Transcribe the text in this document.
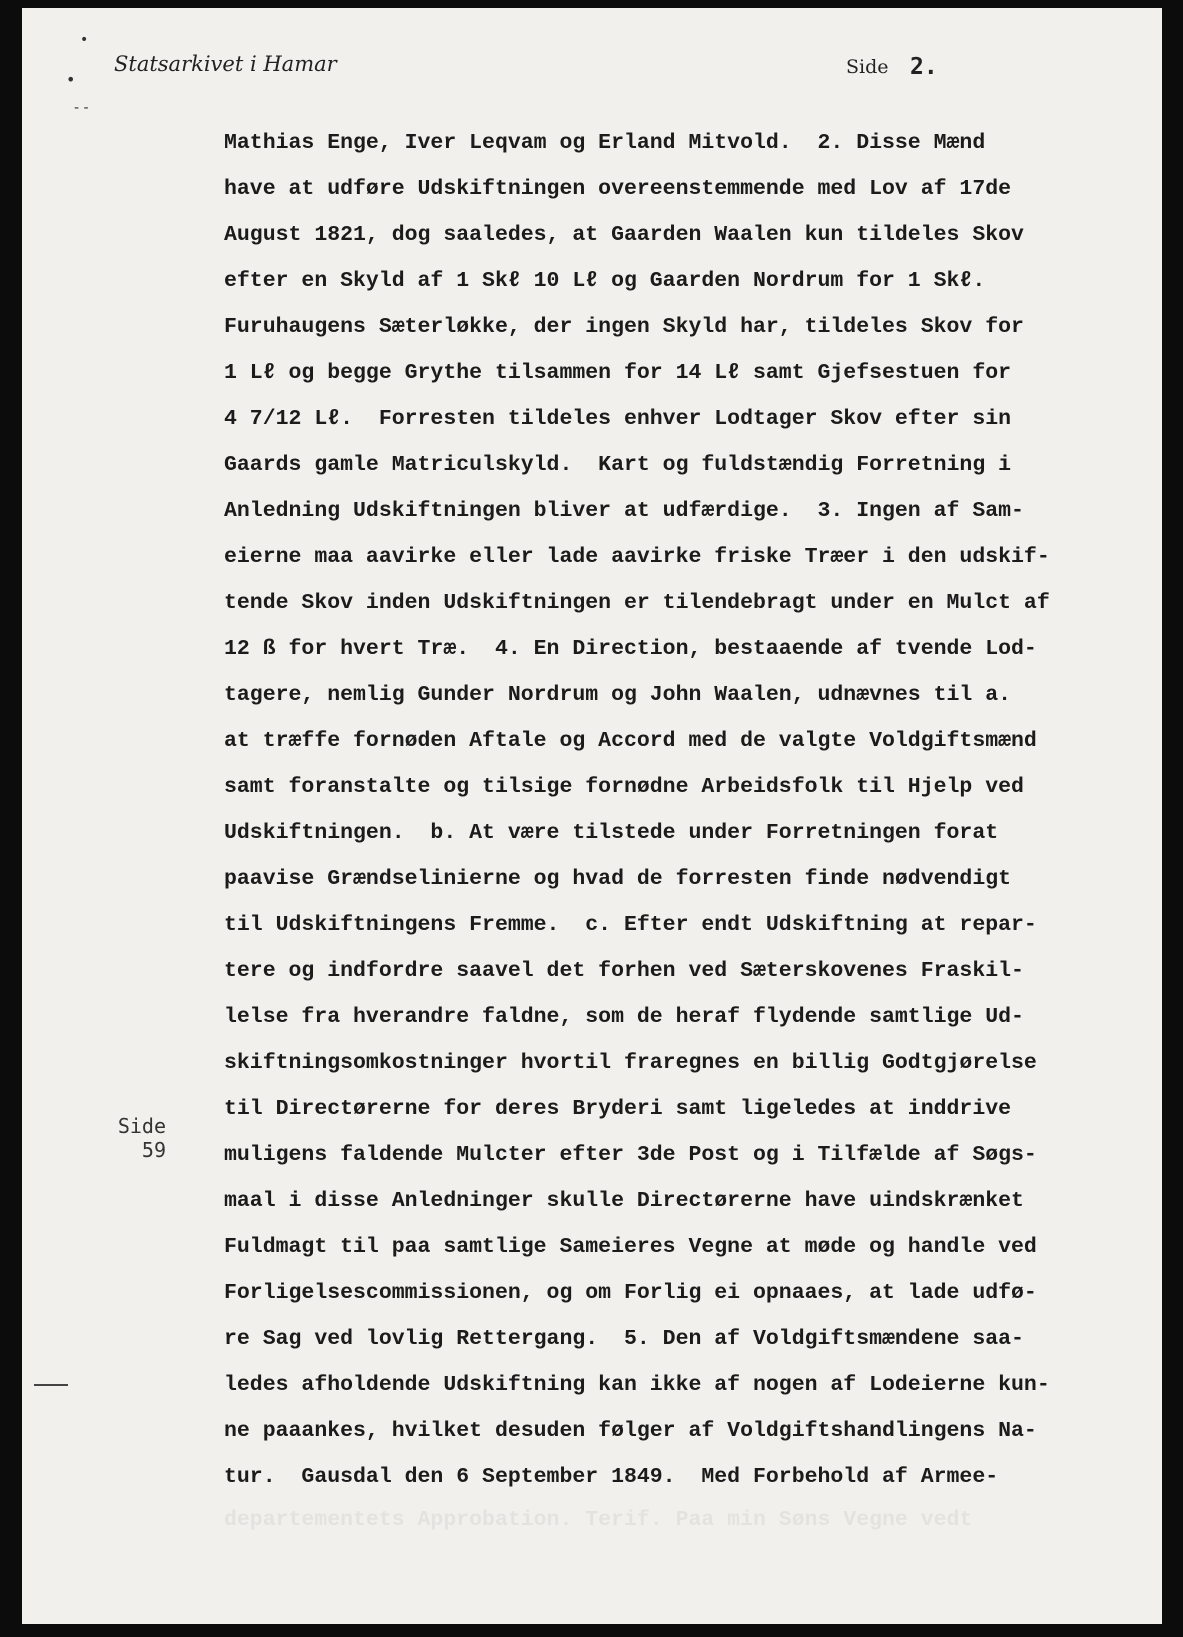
•
•
- -
Statsarkivet i Hamar	Side 2.
Mathias Enge, Iver Leqvam og Erland Mitvold.  2. Disse Mænd
have at udføre Udskiftningen overeenstemmende med Lov af 17de
August 1821, dog saaledes, at Gaarden Waalen kun tildeles Skov
efter en Skyld af 1 Skℓ 10 Lℓ og Gaarden Nordrum for 1 Skℓ.
Furuhaugens Sæterløkke, der ingen Skyld har, tildeles Skov for
1 Lℓ og begge Grythe tilsammen for 14 Lℓ samt Gjefsestuen for
4 7/12 Lℓ.  Forresten tildeles enhver Lodtager Skov efter sin
Gaards gamle Matriculskyld.  Kart og fuldstændig Forretning i
Anledning Udskiftningen bliver at udfærdige.  3. Ingen af Sam-
eierne maa aavirke eller lade aavirke friske Træer i den udskif-
tende Skov inden Udskiftningen er tilendebragt under en Mulct af
12 ß for hvert Træ.  4. En Direction, bestaaende af tvende Lod-
tagere, nemlig Gunder Nordrum og John Waalen, udnævnes til a.
at træffe fornøden Aftale og Accord med de valgte Voldgiftsmænd
samt foranstalte og tilsige fornødne Arbeidsfolk til Hjelp ved
Udskiftningen.  b. At være tilstede under Forretningen forat
paavise Grændselinierne og hvad de forresten finde nødvendigt
til Udskiftningens Fremme.  c. Efter endt Udskiftning at repar-
tere og indfordre saavel det forhen ved Sæterskovenes Fraskil-
lelse fra hverandre faldne, som de heraf flydende samtlige Ud-
skiftningsomkostninger hvortil fraregnes en billig Godtgjørelse
til Directørerne for deres Bryderi samt ligeledes at inddrive
muligens faldende Mulcter efter 3de Post og i Tilfælde af Søgs-
maal i disse Anledninger skulle Directørerne have uindskrænket
Fuldmagt til paa samtlige Sameieres Vegne at møde og handle ved
Forligelsescommissionen, og om Forlig ei opnaaes, at lade udfø-
re Sag ved lovlig Rettergang.  5. Den af Voldgiftsmændene saa-
ledes afholdende Udskiftning kan ikke af nogen af Lodeierne kun-
ne paaankes, hvilket desuden følger af Voldgiftshandlingens Na-
tur.  Gausdal den 6 September 1849.  Med Forbehold af Armee-
departementets Approbation. Terif. Paa min Søns Vegne vedt
Side
59
